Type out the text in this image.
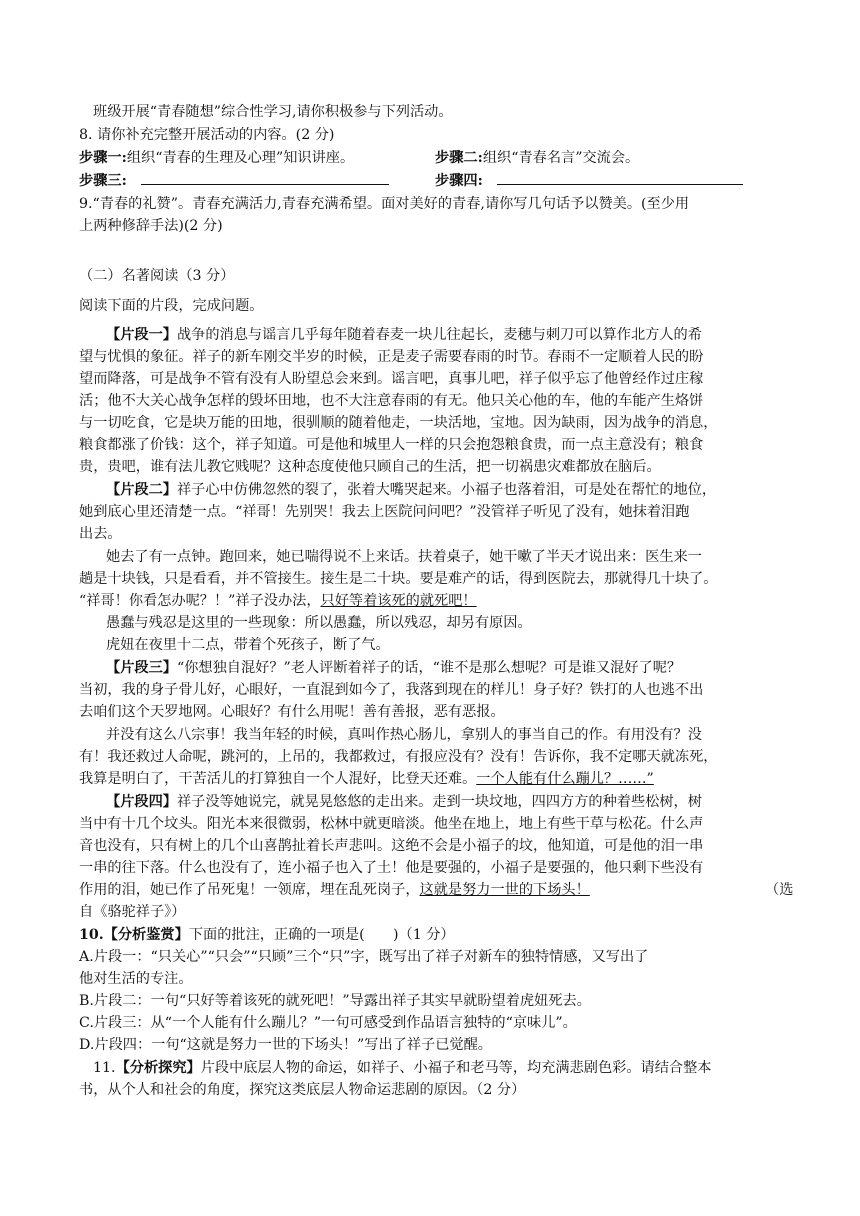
班级开展“青春随想”综合性学习,请你积极参与下列活动。
8. 请你补充完整开展活动的内容。(2 分)
步骤一:组织“青春的生理及心理”知识讲座。	步骤二:组织“青春名言”交流会。
步骤三:	步骤四:
9.“青春的礼赞”。青春充满活力,青春充满希望。面对美好的青春,请你写几句话予以赞美。(至少用
上两种修辞手法)(2 分)
（二）名著阅读（3 分）
阅读下面的片段，完成问题。
【片段一】战争的消息与谣言几乎每年随着春麦一块儿往起长，麦穗与刺刀可以算作北方人的希
望与忧惧的象征。祥子的新车刚交半岁的时候，正是麦子需要春雨的时节。春雨不一定顺着人民的盼
望而降落，可是战争不管有没有人盼望总会来到。谣言吧，真事儿吧，祥子似乎忘了他曾经作过庄稼
活；他不大关心战争怎样的毁坏田地，也不大注意春雨的有无。他只关心他的车，他的车能产生烙饼
与一切吃食，它是块万能的田地，很驯顺的随着他走，一块活地，宝地。因为缺雨，因为战争的消息，
粮食都涨了价钱：这个，祥子知道。可是他和城里人一样的只会抱怨粮食贵，而一点主意没有；粮食
贵，贵吧，谁有法儿教它贱呢？这种态度使他只顾自己的生活，把一切祸患灾难都放在脑后。
【片段二】祥子心中仿佛忽然的裂了，张着大嘴哭起来。小福子也落着泪，可是处在帮忙的地位，
她到底心里还清楚一点。“祥哥！先别哭！我去上医院问问吧？”没管祥子听见了没有，她抹着泪跑
出去。
她去了有一点钟。跑回来，她已喘得说不上来话。扶着桌子，她干嗽了半天才说出来：医生来一
趟是十块钱，只是看看，并不管接生。接生是二十块。要是难产的话，得到医院去，那就得几十块了。
“祥哥！你看怎办呢？！”祥子没办法，只好等着该死的就死吧！
愚蠢与残忍是这里的一些现象：所以愚蠢，所以残忍，却另有原因。
虎妞在夜里十二点，带着个死孩子，断了气。
【片段三】“你想独自混好？”老人评断着祥子的话，“谁不是那么想呢？可是谁又混好了呢？
当初，我的身子骨儿好，心眼好，一直混到如今了，我落到现在的样儿！身子好？铁打的人也逃不出
去咱们这个天罗地网。心眼好？有什么用呢！善有善报，恶有恶报。
并没有这么八宗事！我当年轻的时候，真叫作热心肠儿，拿别人的事当自己的作。有用没有？没
有！我还救过人命呢，跳河的，上吊的，我都救过，有报应没有？没有！告诉你，我不定哪天就冻死，
我算是明白了，干苦活儿的打算独自一个人混好，比登天还难。一个人能有什么蹦儿？……”
【片段四】祥子没等她说完，就晃晃悠悠的走出来。走到一块坟地，四四方方的种着些松树，树
当中有十几个坟头。阳光本来很微弱，松林中就更暗淡。他坐在地上，地上有些干草与松花。什么声
音也没有，只有树上的几个山喜鹊扯着长声悲叫。这绝不会是小福子的坟，他知道，可是他的泪一串
一串的往下落。什么也没有了，连小福子也入了土！他是要强的，小福子是要强的，他只剩下些没有
作用的泪，她已作了吊死鬼！一领席，埋在乱死岗子，这就是努力一世的下场头！	（选
自《骆驼祥子》）
10.【分析鉴赏】下面的批注，正确的一项是(　　)（1 分）
A.片段一：“只关心”“只会”“只顾”三个“只”字，既写出了祥子对新车的独特情感，又写出了
他对生活的专注。
B.片段二：一句“只好等着该死的就死吧！”导露出祥子其实早就盼望着虎妞死去。
C.片段三：从“一个人能有什么蹦儿？”一句可感受到作品语言独特的“京味儿”。
D.片段四：一句“这就是努力一世的下场头！”写出了祥子已觉醒。
11.【分析探究】片段中底层人物的命运，如祥子、小福子和老马等，均充满悲剧色彩。请结合整本
书，从个人和社会的角度，探究这类底层人物命运悲剧的原因。（2 分）
